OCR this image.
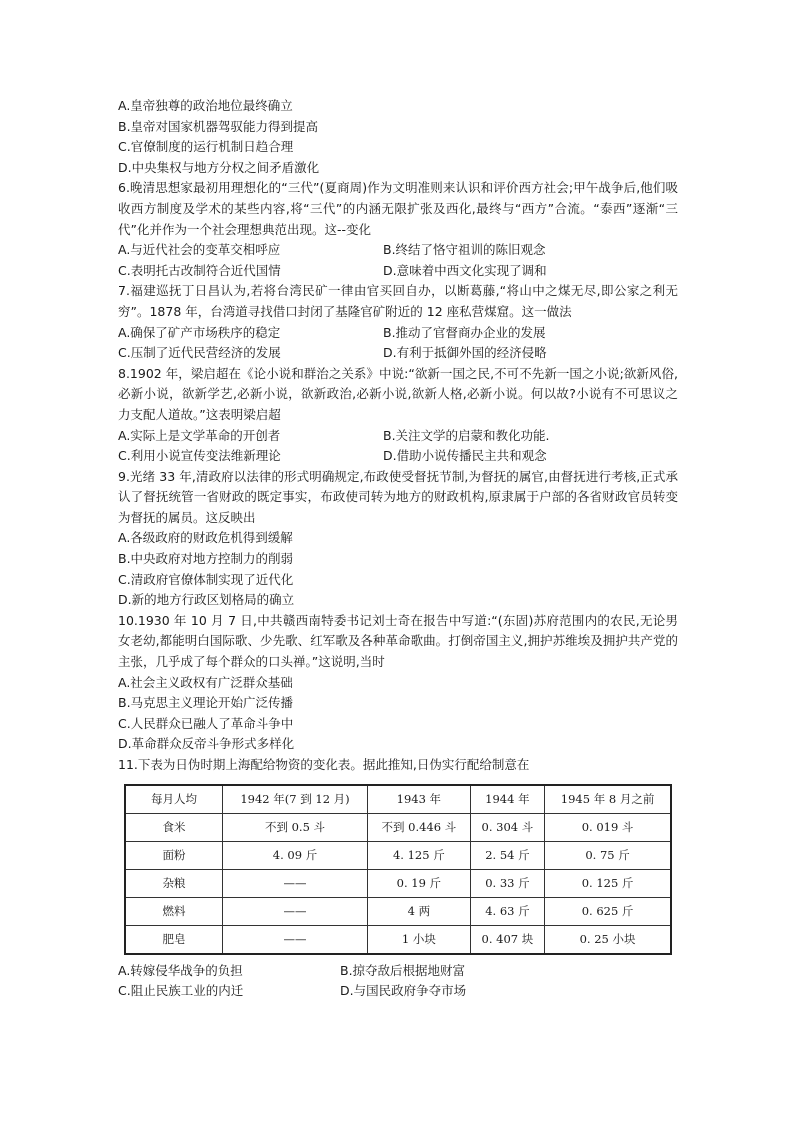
A.皇帝独尊的政治地位最终确立
B.皇帝对国家机器驾驭能力得到提高
C.官僚制度的运行机制日趋合理
D.中央集权与地方分权之间矛盾激化
6.晚清思想家最初用理想化的“三代”(夏商周)作为文明准则来认识和评价西方社会;甲午战争后,他们吸收西方制度及学术的某些内容,将“三代”的内涵无限扩张及西化,最终与“西方”合流。“泰西”逐渐“三代”化并作为一个社会理想典范出现。这--变化
A.与近代社会的变革交相呼应	B.终结了恪守祖训的陈旧观念
C.表明托古改制符合近代国情	D.意味着中西文化实现了调和
7.福建巡抚丁日昌认为,若将台湾民矿一律由官买回自办，以断葛藤,“将山中之煤无尽,即公家之利无穷”。1878 年，台湾道寻找借口封闭了基隆官矿附近的 12 座私营煤窟。这一做法
A.确保了矿产市场秩序的稳定	B.推动了官督商办企业的发展
C.压制了近代民营经济的发展	D.有利于抵御外国的经济侵略
8.1902 年，梁启超在《论小说和群治之关系》中说:“欲新一国之民,不可不先新一国之小说;欲新风俗,必新小说，欲新学艺,必新小说，欲新政治,必新小说,欲新人格,必新小说。何以故?小说有不可思议之力支配人道故。”这表明梁启超
A.实际上是文学革命的开创者	B.关注文学的启蒙和教化功能.
C.利用小说宣传变法维新理论	D.借助小说传播民主共和观念
9.光绪 33 年,清政府以法律的形式明确规定,布政使受督抚节制,为督抚的属官,由督抚进行考核,正式承认了督抚统管一省财政的既定事实，布政使司转为地方的财政机构,原隶属于户部的各省财政官员转变为督抚的属员。这反映出
A.各级政府的财政危机得到缓解
B.中央政府对地方控制力的削弱
C.清政府官僚体制实现了近代化
D.新的地方行政区划格局的确立
10.1930 年 10 月 7 日,中共赣西南特委书记刘士奇在报告中写道:“(东固)苏府范围内的农民,无论男女老幼,都能明白国际歌、少先歌、红军歌及各种革命歌曲。打倒帝国主义,拥护苏维埃及拥护共产党的主张，几乎成了每个群众的口头禅。”这说明,当时
A.社会主义政权有广泛群众基础
B.马克思主义理论开始广泛传播
C.人民群众已融人了革命斗争中
D.革命群众反帝斗争形式多样化
11.下表为日伪时期上海配给物资的变化表。据此推知,日伪实行配给制意在
每月人均	1942 年(7 到 12 月)	1943 年	1944 年	1945 年 8 月之前
食米	不到 0.5 斗	不到 0.446 斗	0. 304 斗	0. 019 斗
面粉	4. 09 斤	4. 125 斤	2. 54 斤	0. 75 斤
杂粮	——	0. 19 斤	0. 33 斤	0. 125 斤
燃料	——	4 两	4. 63 斤	0. 625 斤
肥皂	——	1 小块	0. 407 块	0. 25 小块
A.转嫁侵华战争的负担	B.掠夺敌后根据地财富
C.阻止民族工业的内迁	D.与国民政府争夺市场
